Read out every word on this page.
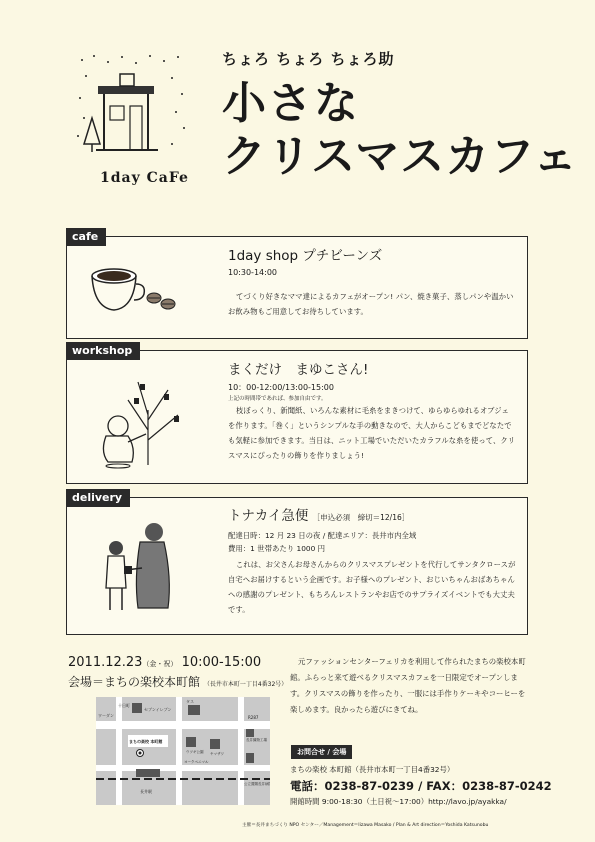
1day CaFe
ちょろ ちょろ ちょろ助
小さな
クリスマスカフェ
cafe
1day shop プチビーンズ
10:30-14:00
てづくり好きなママ達によるカフェがオープン! パン、焼き菓子、蒸しパンや温かいお飲み物もご用意してお待ちしています。
workshop
まくだけ　まゆこさん!
10：00-12:00/13:00-15:00
上記の時間帯であれば、参加自由です。
枝ぼっくり、新聞紙、いろんな素材に毛糸をまきつけて、ゆらゆらゆれるオブジェを作ります。「巻く」というシンプルな手の動きなので、大人からこどもまでどなたでも気軽に参加できます。当日は、ニット工場でいただいたカラフルな糸を使って、クリスマスにぴったりの飾りを作りましょう!
delivery
トナカイ急便 ［申込必須　締切＝12/16］
配達日時：12 月 23 日の夜 / 配達エリア：長井市内全域
費用：1 世帯あたり 1000 円
これは、お父さんお母さんからのクリスマスプレゼントを代行してサンタクロースが自宅へお届けするという企画です。お子様へのプレゼント、おじいちゃんおばあちゃんへの感謝のプレゼント、もちろんレストランやお店でのサプライズイベントでも大丈夫です。
2011.12.23（金・祝） 10:00-15:00
会場＝まちの楽校本町館 （長井市本町一丁目4番32号）
十日町
セブンイレブン
タス
R287
長井織物工場
ワーダン
まちの楽校 本町館
ウツギ公園 ヤマザワ
ヨークベニマル
公立置賜長井病院
長井駅
元ファッションセンターフェリカを利用して作られたまちの楽校本町館。ふらっと来て遊べるクリスマスカフェを一日限定でオープンします。クリスマスの飾りを作ったり、一服には手作りケーキやコーヒーを楽しめます。良かったら遊びにきてね。
お問合せ / 会場
まちの楽校 本町館（長井市本町一丁目4番32号）
電話：0238-87-0239 / FAX：0238-87-0242
開館時間 9:00-18:30（土日祝～17:00）http://lavo.jp/ayakka/
主催＝長井まちづくり NPO センター／Management＝Iizawa Masako / Plan & Art direction＝Yoshida Katsunobu
